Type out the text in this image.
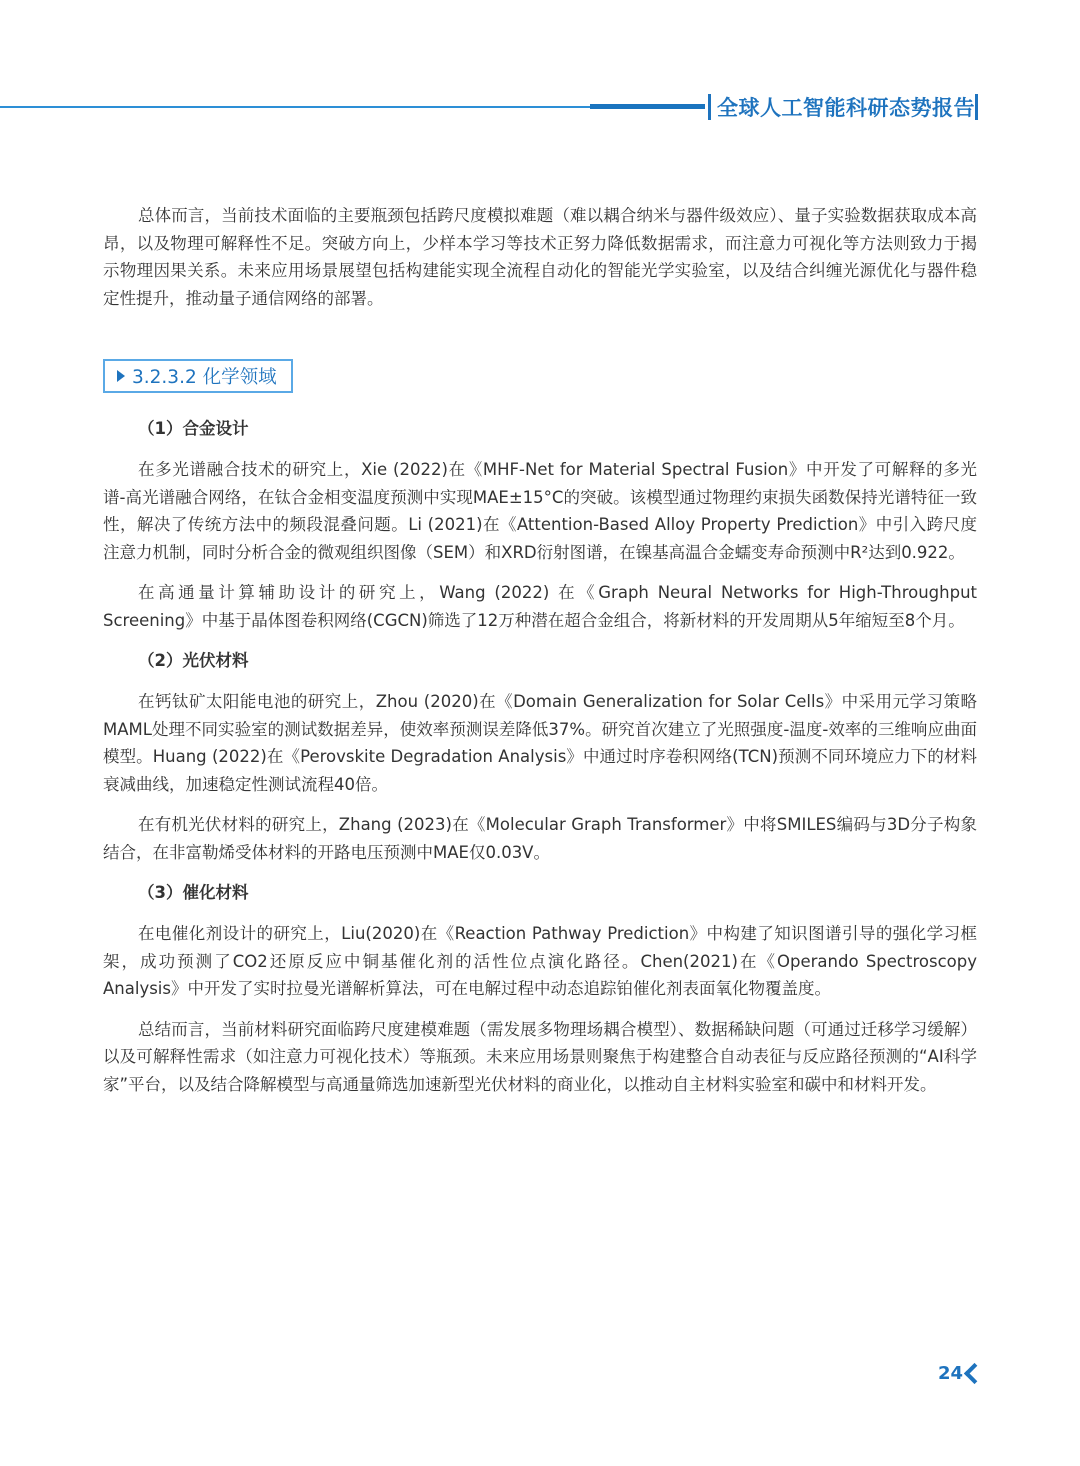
全球人工智能科研态势报告

总体而言，当前技术面临的主要瓶颈包括跨尺度模拟难题（难以耦合纳米与器件级效应）、量子实验数据获取成本高昂，以及物理可解释性不足。突破方向上，少样本学习等技术正努力降低数据需求，而注意力可视化等方法则致力于揭示物理因果关系。未来应用场景展望包括构建能实现全流程自动化的智能光学实验室，以及结合纠缠光源优化与器件稳定性提升，推动量子通信网络的部署。

3.2.3.2 化学领域
（1）合金设计

在多光谱融合技术的研究上，Xie (2022)在《MHF-Net for Material Spectral Fusion》中开发了可解释的多光谱-高光谱融合网络，在钛合金相变温度预测中实现MAE±15°C的突破。该模型通过物理约束损失函数保持光谱特征一致性，解决了传统方法中的频段混叠问题。Li (2021)在《Attention-Based Alloy Property Prediction》中引入跨尺度注意力机制，同时分析合金的微观组织图像（SEM）和XRD衍射图谱，在镍基高温合金蠕变寿命预测中R²达到0.922。

在高通量计算辅助设计的研究上，Wang (2022) 在《Graph Neural Networks for High-Throughput Screening》中基于晶体图卷积网络(CGCN)筛选了12万种潜在超合金组合，将新材料的开发周期从5年缩短至8个月。

（2）光伏材料

在钙钛矿太阳能电池的研究上，Zhou (2020)在《Domain Generalization for Solar Cells》中采用元学习策略MAML处理不同实验室的测试数据差异，使效率预测误差降低37%。研究首次建立了光照强度-温度-效率的三维响应曲面模型。Huang (2022)在《Perovskite Degradation Analysis》中通过时序卷积网络(TCN)预测不同环境应力下的材料衰减曲线，加速稳定性测试流程40倍。

在有机光伏材料的研究上，Zhang (2023)在《Molecular Graph Transformer》中将SMILES编码与3D分子构象结合，在非富勒烯受体材料的开路电压预测中MAE仅0.03V。

（3）催化材料

在电催化剂设计的研究上，Liu(2020)在《Reaction Pathway Prediction》中构建了知识图谱引导的强化学习框架，成功预测了CO2还原反应中铜基催化剂的活性位点演化路径。Chen(2021)在《Operando Spectroscopy Analysis》中开发了实时拉曼光谱解析算法，可在电解过程中动态追踪铂催化剂表面氧化物覆盖度。

总结而言，当前材料研究面临跨尺度建模难题（需发展多物理场耦合模型）、数据稀缺问题（可通过迁移学习缓解）以及可解释性需求（如注意力可视化技术）等瓶颈。未来应用场景则聚焦于构建整合自动表征与反应路径预测的“AI科学家”平台，以及结合降解模型与高通量筛选加速新型光伏材料的商业化，以推动自主材料实验室和碳中和材料开发。

24
